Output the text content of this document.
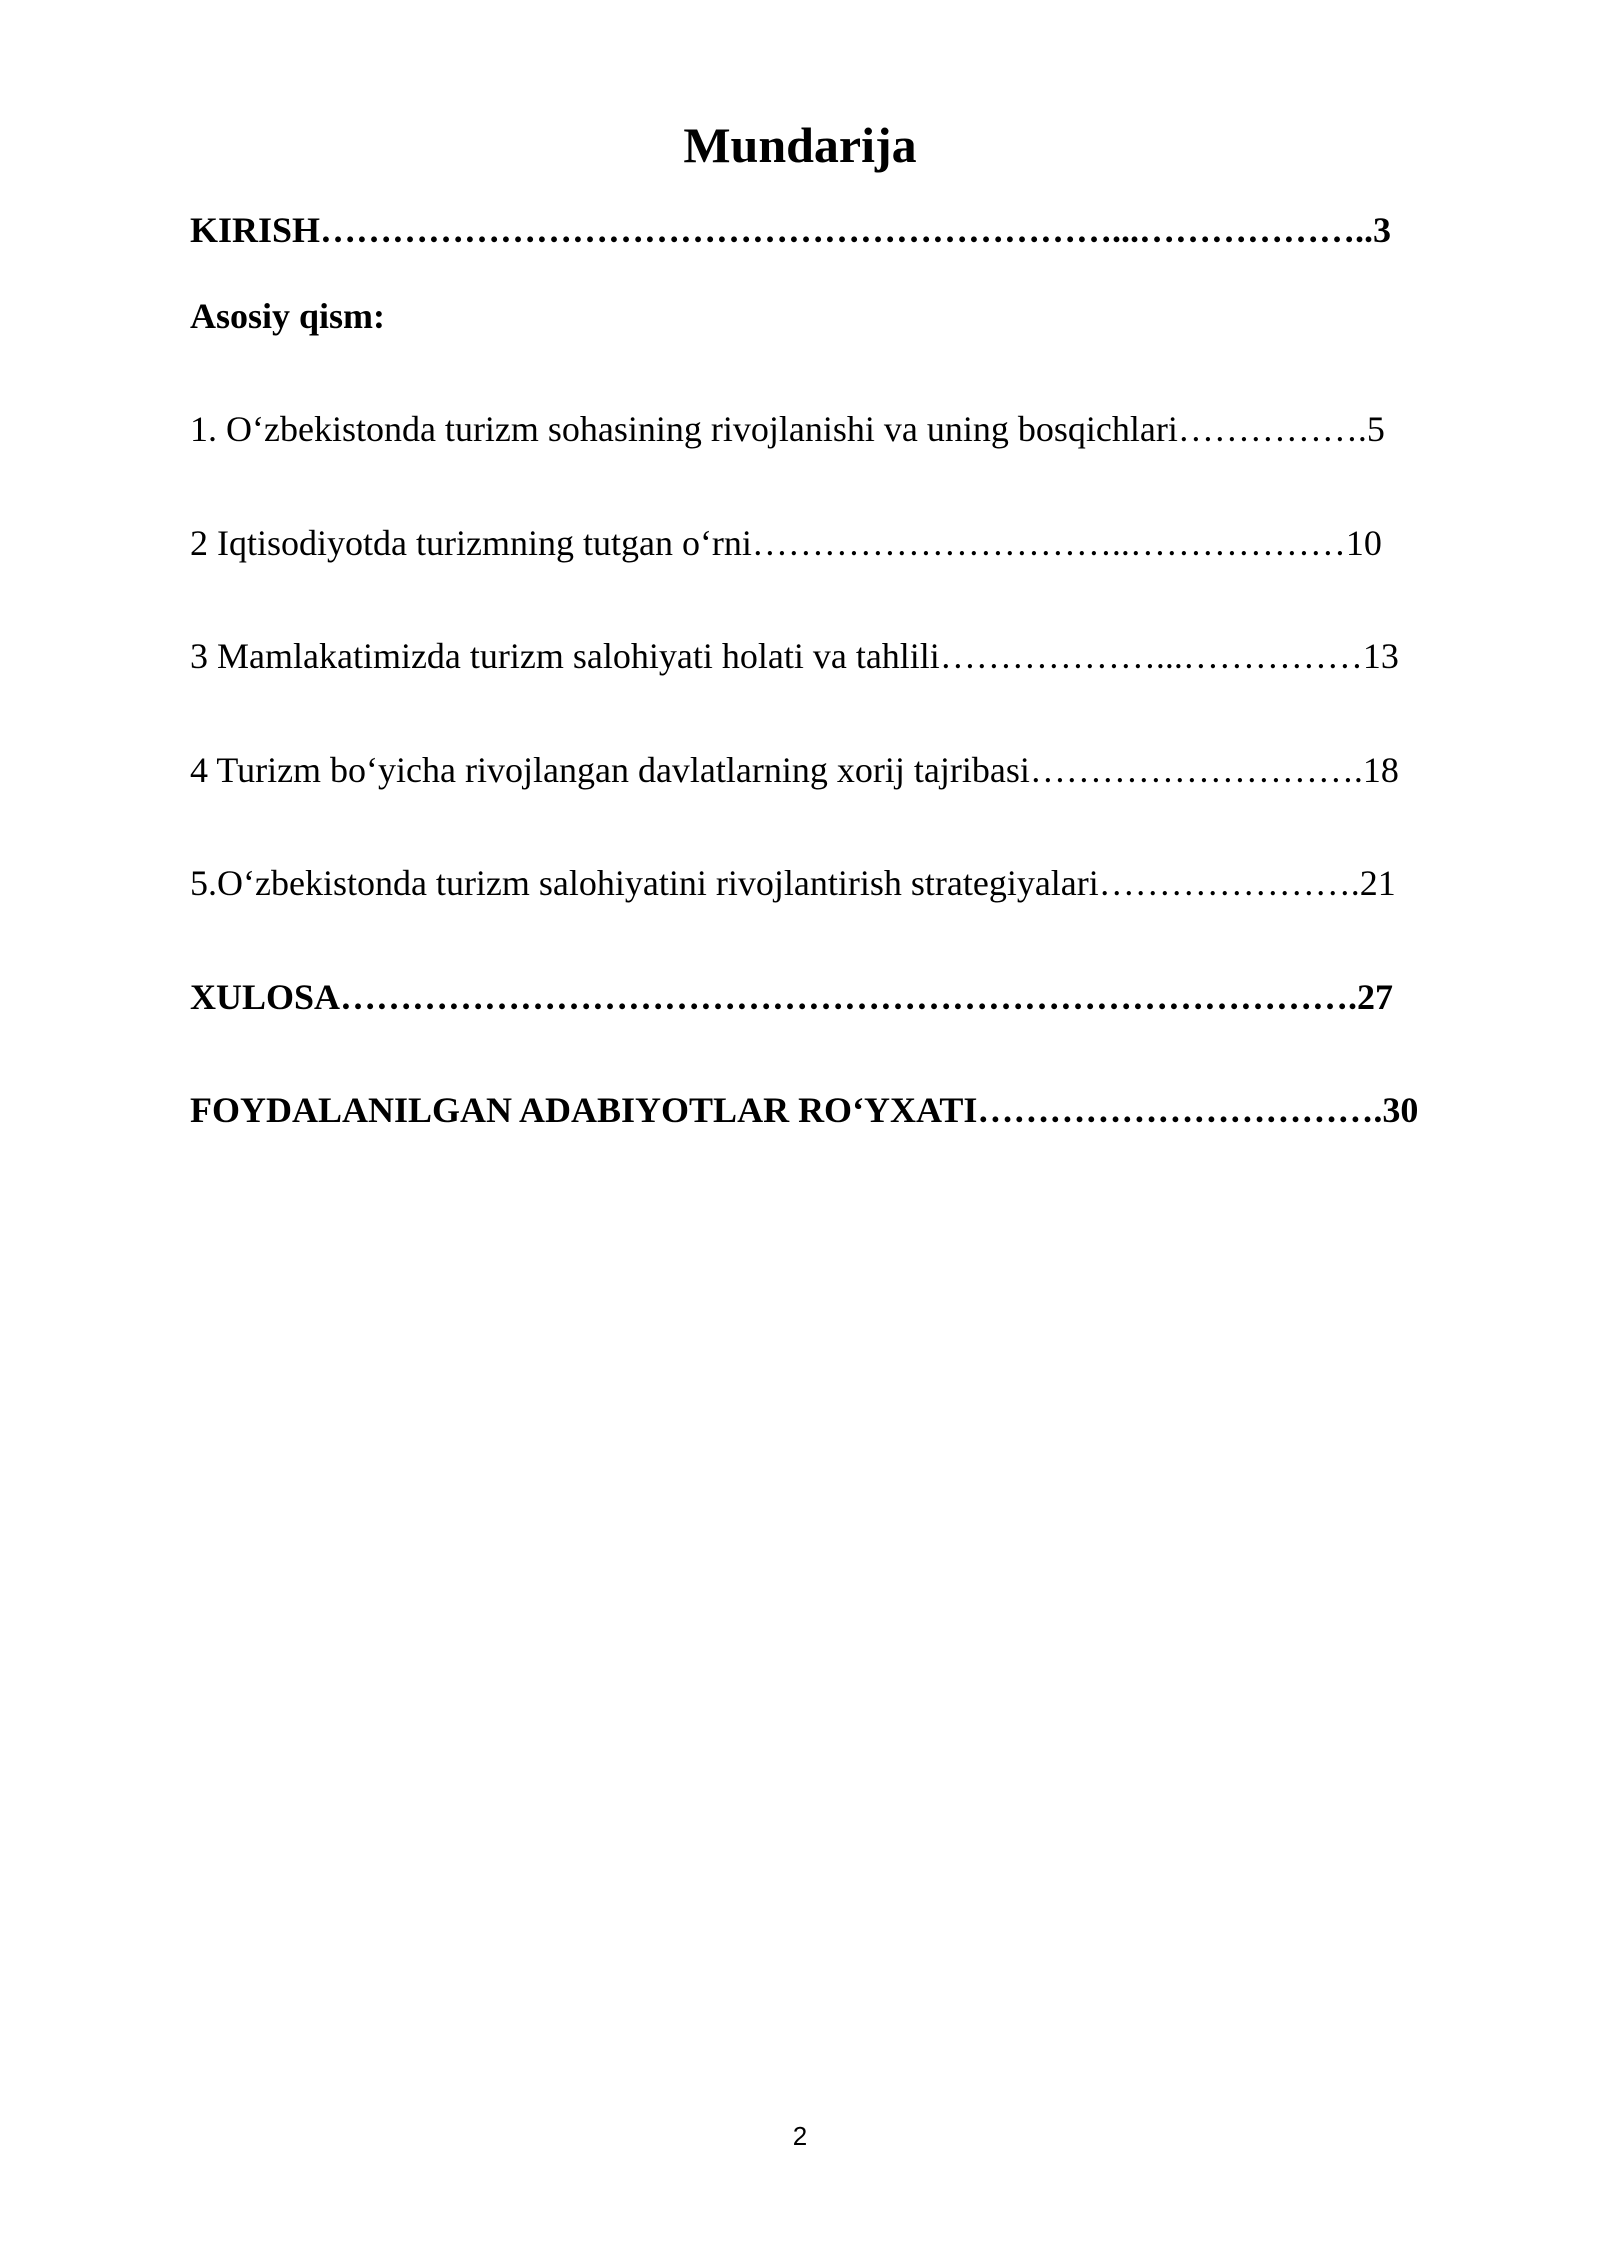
Mundarija
KIRISH…………………………………………………………...………………..3
Asosiy qism:
1. O‘zbekistonda turizm sohasining rivojlanishi va uning bosqichlari…………….5
2 Iqtisodiyotda turizmning tutgan o‘rni…………………………..………………10
3 Mamlakatimizda turizm salohiyati holati va tahlili………………...……………13
4 Turizm bo‘yicha rivojlangan davlatlarning xorij tajribasi……………………….18
5.O‘zbekistonda turizm salohiyatini rivojlantirish strategiyalari………………….21
XULOSA………………………………………………………………………….27
FOYDALANILGAN ADABIYOTLAR RO‘YXATI…………………………….30
2
